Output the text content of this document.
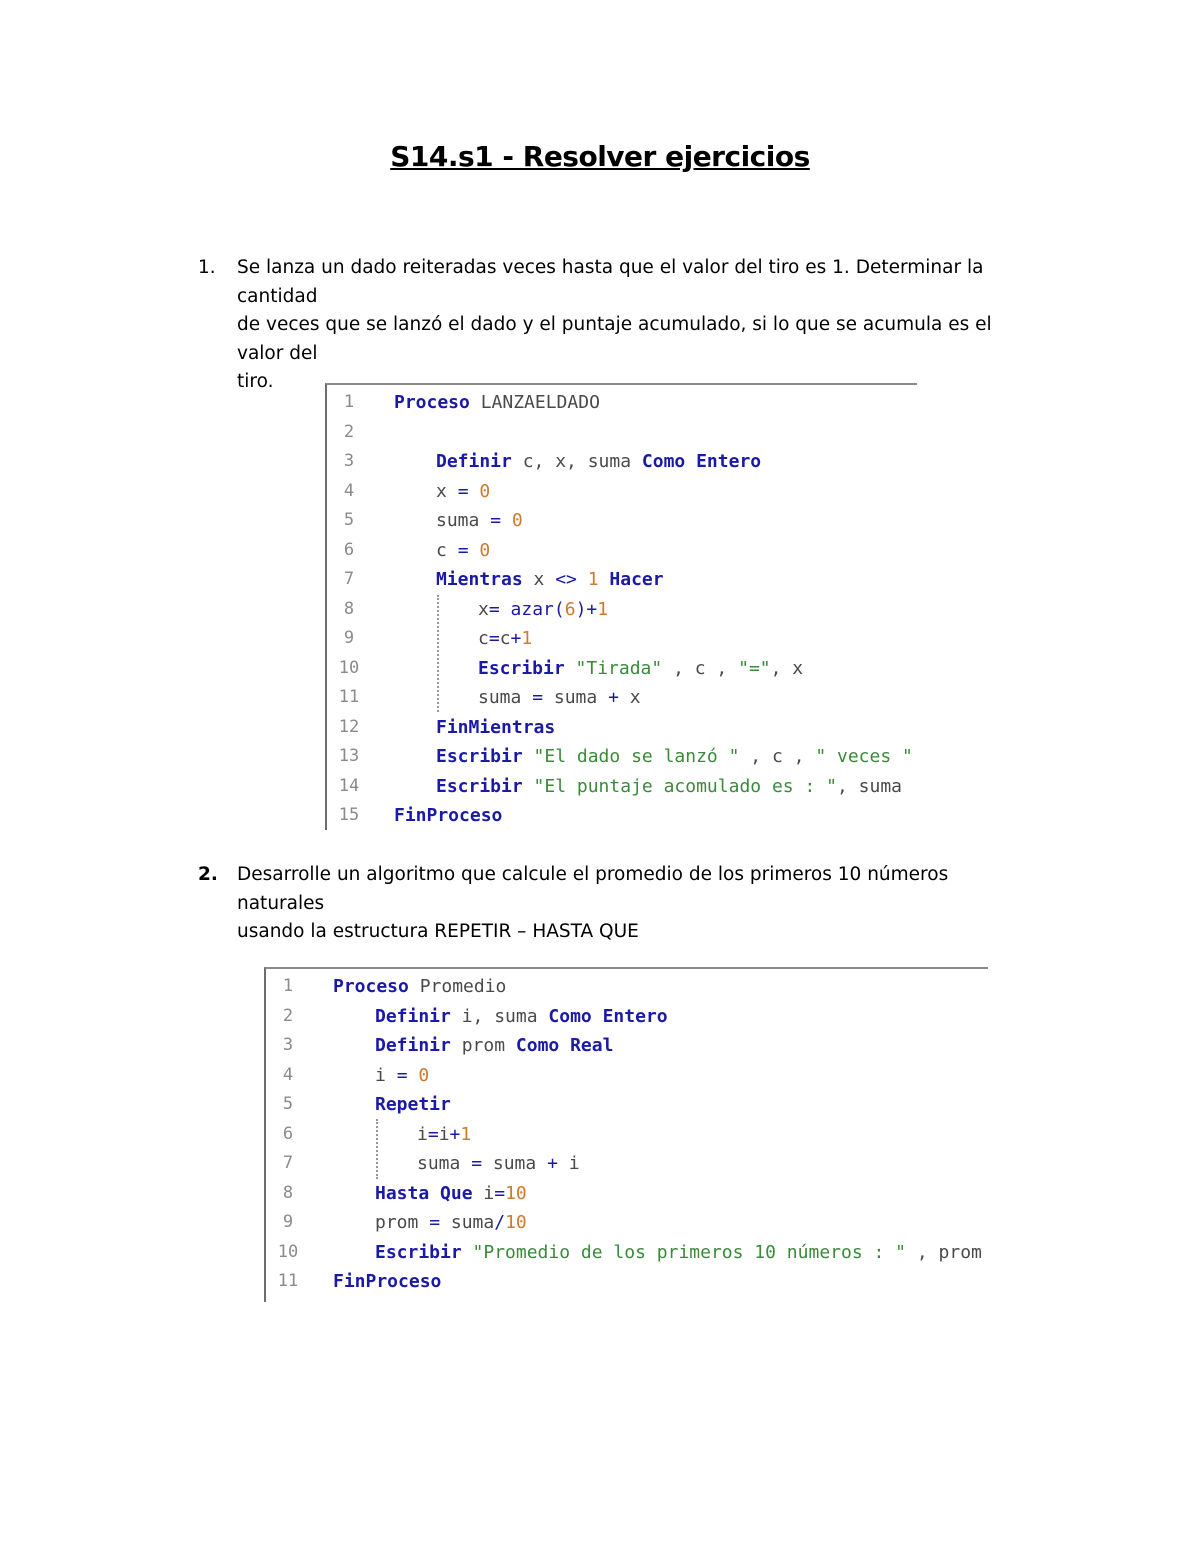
S14.s1 - Resolver ejercicios
1. Se lanza un dado reiteradas veces hasta que el valor del tiro es 1. Determinar la cantidad
de veces que se lanzó el dado y el puntaje acumulado, si lo que se acumula es el valor del
tiro.
1	Proceso LANZAELDADO
2
3	Definir c, x, suma Como Entero
4	x = 0
5	suma = 0
6	c = 0
7	Mientras x <> 1 Hacer
8	x= azar(6)+1
9	c=c+1
10	Escribir "Tirada" , c , "=", x
11	suma = suma + x
12	FinMientras
13	Escribir "El dado se lanzó " , c , " veces "
14	Escribir "El puntaje acomulado es : ", suma
15	FinProceso
2. Desarrolle un algoritmo que calcule el promedio de los primeros 10 números naturales
usando la estructura REPETIR – HASTA QUE
1	Proceso Promedio
2	Definir i, suma Como Entero
3	Definir prom Como Real
4	i = 0
5	Repetir
6	i=i+1
7	suma = suma + i
8	Hasta Que i=10
9	prom = suma/10
10	Escribir "Promedio de los primeros 10 números : " , prom
11	FinProceso
